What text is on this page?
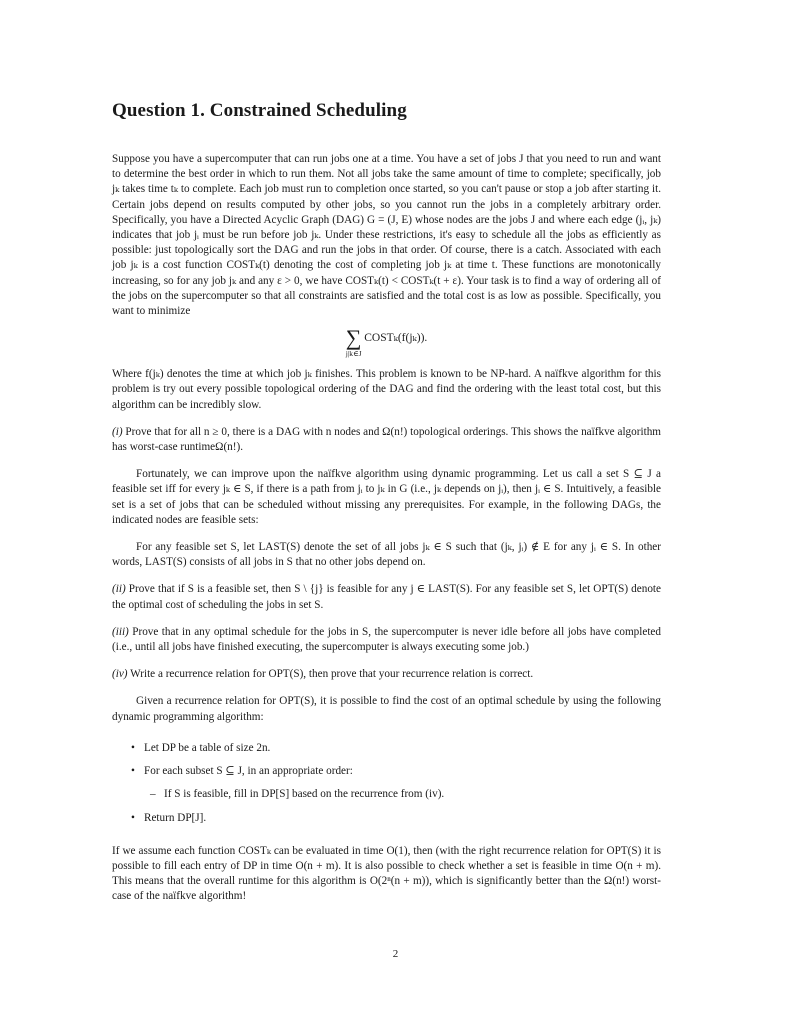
Question 1. Constrained Scheduling

Suppose you have a supercomputer that can run jobs one at a time. You have a set of jobs J that you need to run and want to determine the best order in which to run them. Not all jobs take the same amount of time to complete; specifically, job jₖ takes time tₖ to complete. Each job must run to completion once started, so you can't pause or stop a job after starting it. Certain jobs depend on results computed by other jobs, so you cannot run the jobs in a completely arbitrary order. Specifically, you have a Directed Acyclic Graph (DAG) G = (J, E) whose nodes are the jobs J and where each edge (jᵢ, jₖ) indicates that job jᵢ must be run before job jₖ. Under these restrictions, it's easy to schedule all the jobs as efficiently as possible: just topologically sort the DAG and run the jobs in that order. Of course, there is a catch. Associated with each job jₖ is a cost function COSTₖ(t) denoting the cost of completing job jₖ at time t. These functions are monotonically increasing, so for any job jₖ and any ε > 0, we have COSTₖ(t) < COSTₖ(t + ε). Your task is to find a way of ordering all of the jobs on the supercomputer so that all constraints are satisfied and the total cost is as low as possible. Specifically, you want to minimize

∑ COSTₖ(f(jₖ)).
j|k∈J

Where f(jₖ) denotes the time at which job jₖ finishes. This problem is known to be NP-hard. A naïfkve algorithm for this problem is try out every possible topological ordering of the DAG and find the ordering with the least total cost, but this algorithm can be incredibly slow.

(i) Prove that for all n ≥ 0, there is a DAG with n nodes and Ω(n!) topological orderings. This shows the naïfkve algorithm has worst-case runtimeΩ(n!).

Fortunately, we can improve upon the naïfkve algorithm using dynamic programming. Let us call a set S ⊆ J a feasible set iff for every jₖ ∈ S, if there is a path from jᵢ to jₖ in G (i.e., jₖ depends on jᵢ), then jᵢ ∈ S. Intuitively, a feasible set is a set of jobs that can be scheduled without missing any prerequisites. For example, in the following DAGs, the indicated nodes are feasible sets:

For any feasible set S, let LAST(S) denote the set of all jobs jₖ ∈ S such that (jₖ, jᵢ) ∉ E for any jᵢ ∈ S. In other words, LAST(S) consists of all jobs in S that no other jobs depend on.

(ii) Prove that if S is a feasible set, then S \ {j} is feasible for any j ∈ LAST(S). For any feasible set S, let OPT(S) denote the optimal cost of scheduling the jobs in set S.

(iii) Prove that in any optimal schedule for the jobs in S, the supercomputer is never idle before all jobs have completed (i.e., until all jobs have finished executing, the supercomputer is always executing some job.)

(iv) Write a recurrence relation for OPT(S), then prove that your recurrence relation is correct.

Given a recurrence relation for OPT(S), it is possible to find the cost of an optimal schedule by using the following dynamic programming algorithm:

• Let DP be a table of size 2n.
• For each subset S ⊆ J, in an appropriate order:
– If S is feasible, fill in DP[S] based on the recurrence from (iv).
• Return DP[J].

If we assume each function COSTₖ can be evaluated in time O(1), then (with the right recurrence relation for OPT(S) it is possible to fill each entry of DP in time O(n + m). It is also possible to check whether a set is feasible in time O(n + m). This means that the overall runtime for this algorithm is O(2ⁿ(n + m)), which is significantly better than the Ω(n!) worst-case of the naïfkve algorithm!

2
